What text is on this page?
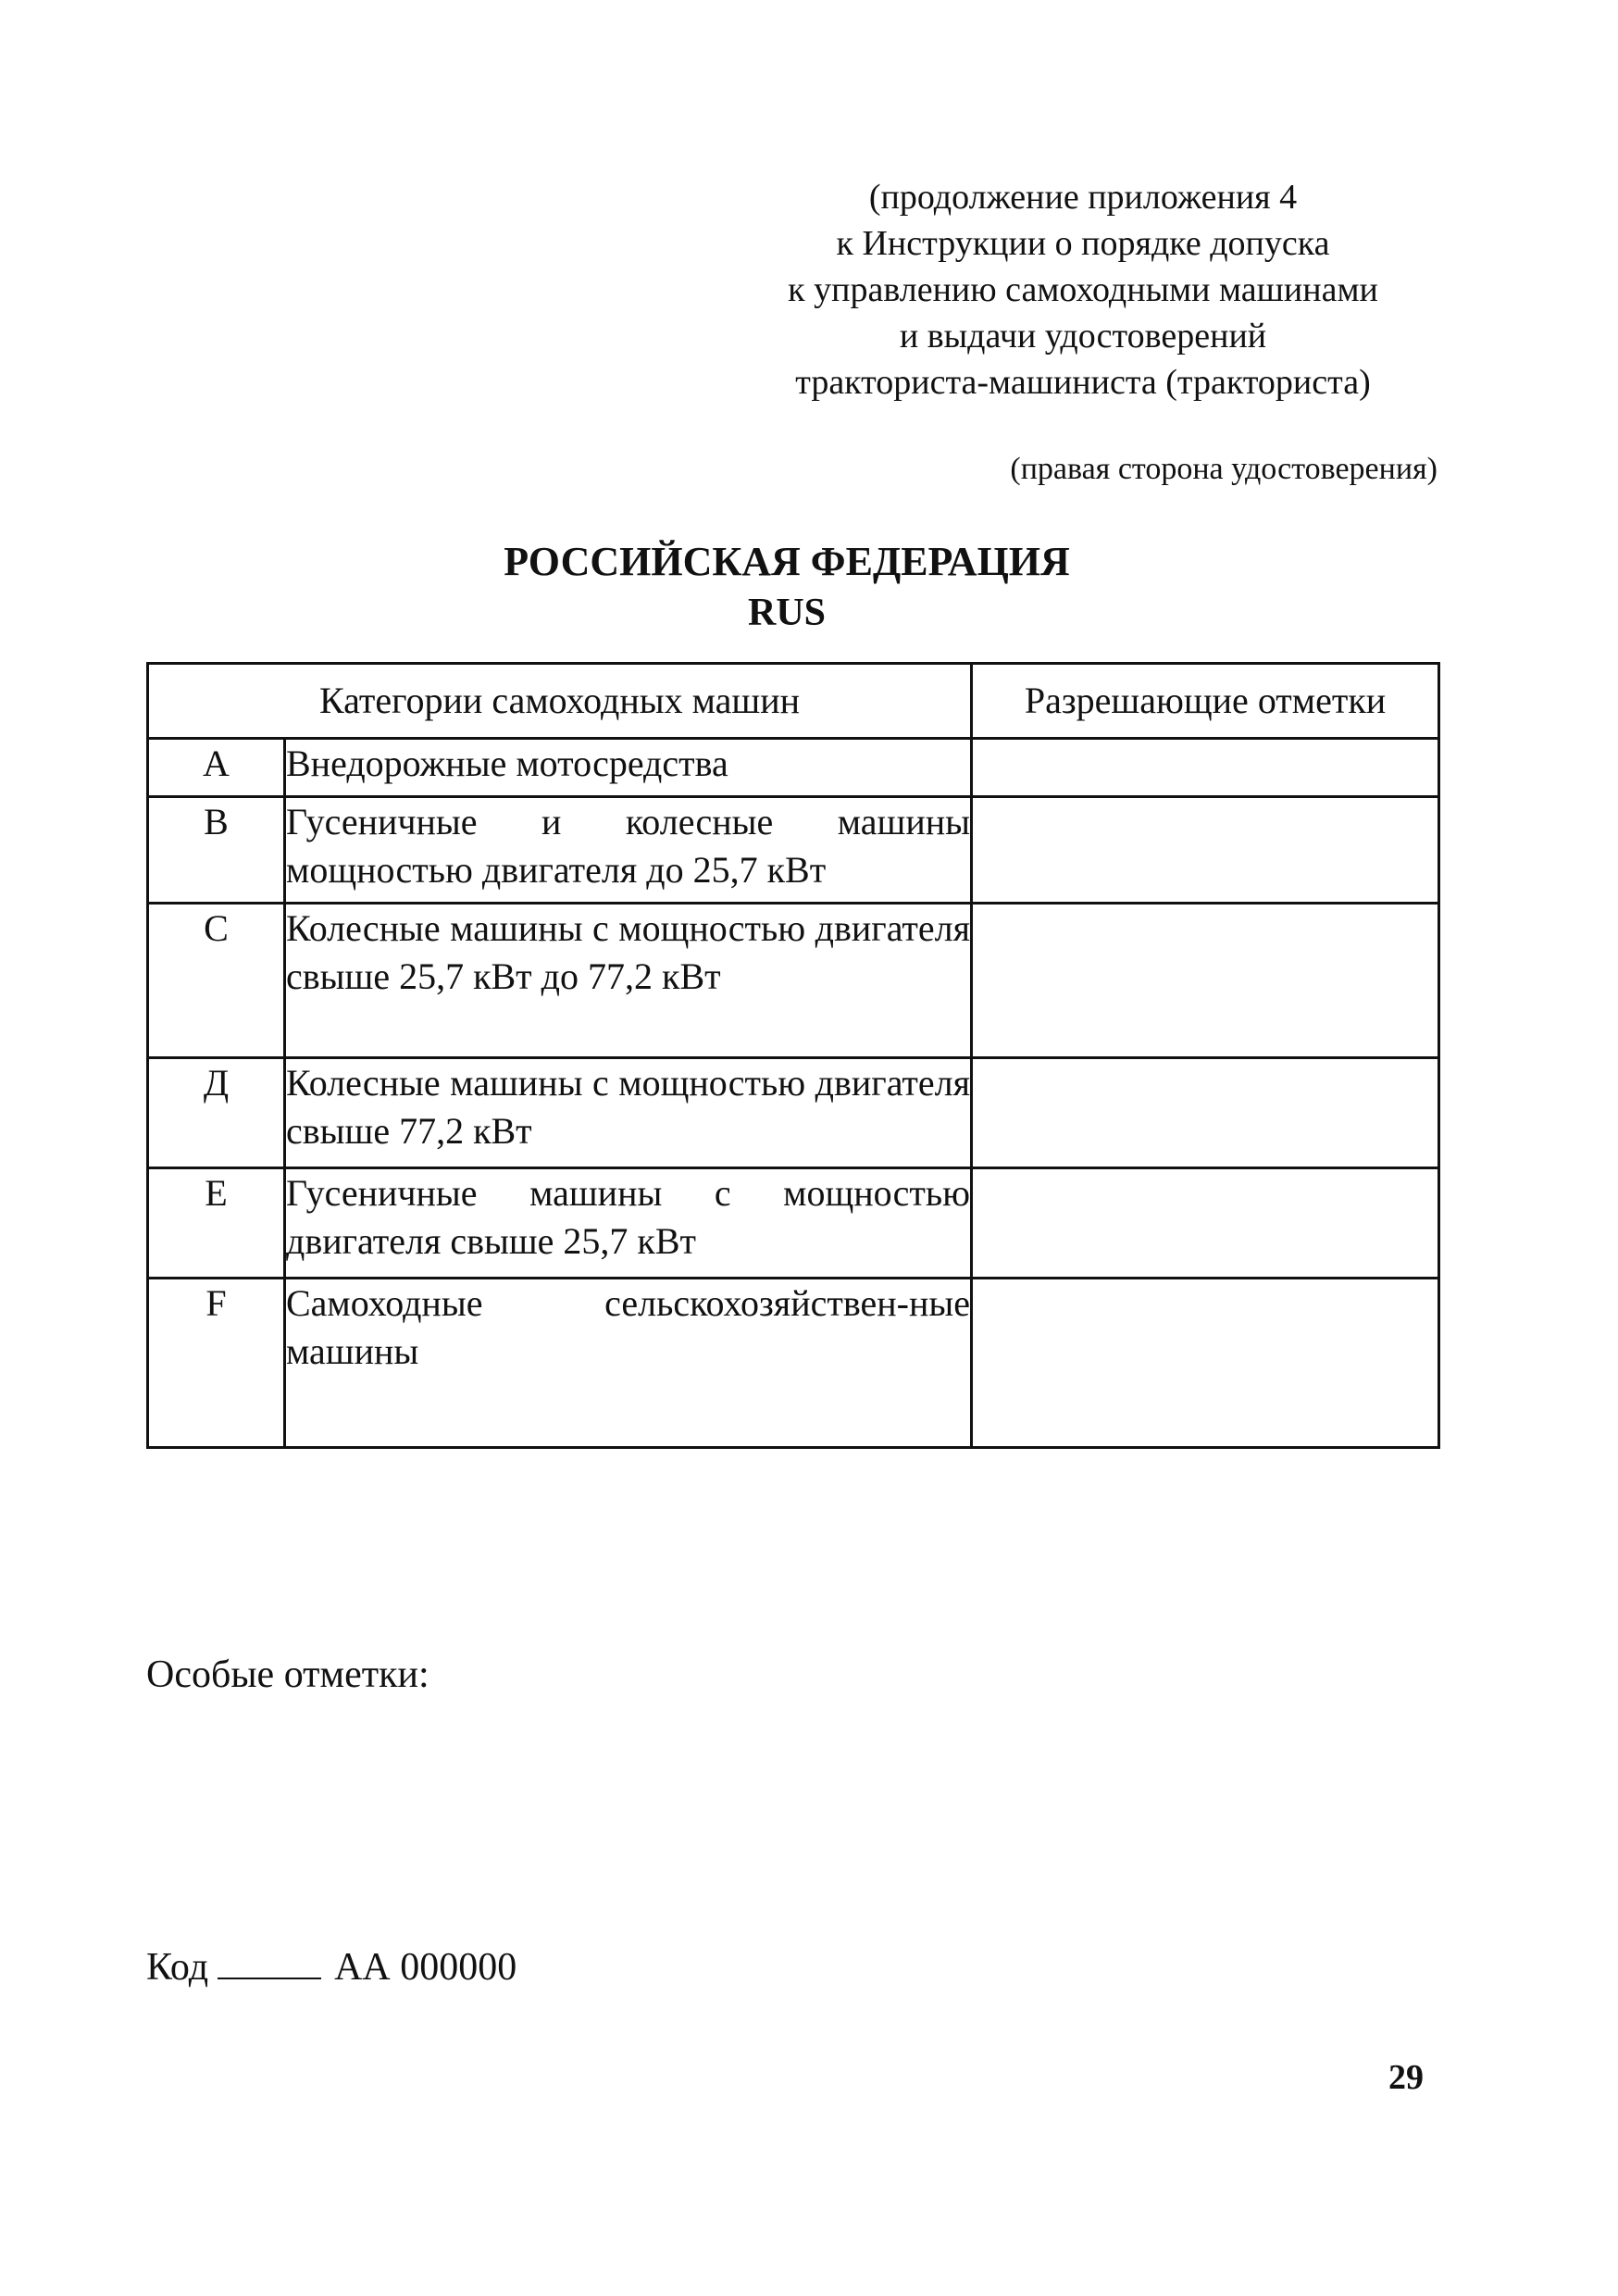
(продолжение приложения 4
к Инструкции о порядке допуска
к управлению самоходными машинами
и выдачи удостоверений
тракториста-машиниста (тракториста)
(правая сторона удостоверения)
РОССИЙСКАЯ ФЕДЕРАЦИЯ
RUS
Категории самоходных машин		Разрешающие отметки
A	Внедорожные мотосредства	
B	Гусеничные и колесные машины мощностью двигателя до 25,7 кВт	
C	Колесные машины с мощностью двигателя свыше 25,7 кВт до 77,2 кВт	
Д	Колесные машины с мощностью двигателя свыше 77,2 кВт	
E	Гусеничные машины с мощностью двигателя свыше 25,7 кВт	
F	Самоходные сельскохозяйствен-ные машины	
Особые отметки:
Код	АА 000000
29
